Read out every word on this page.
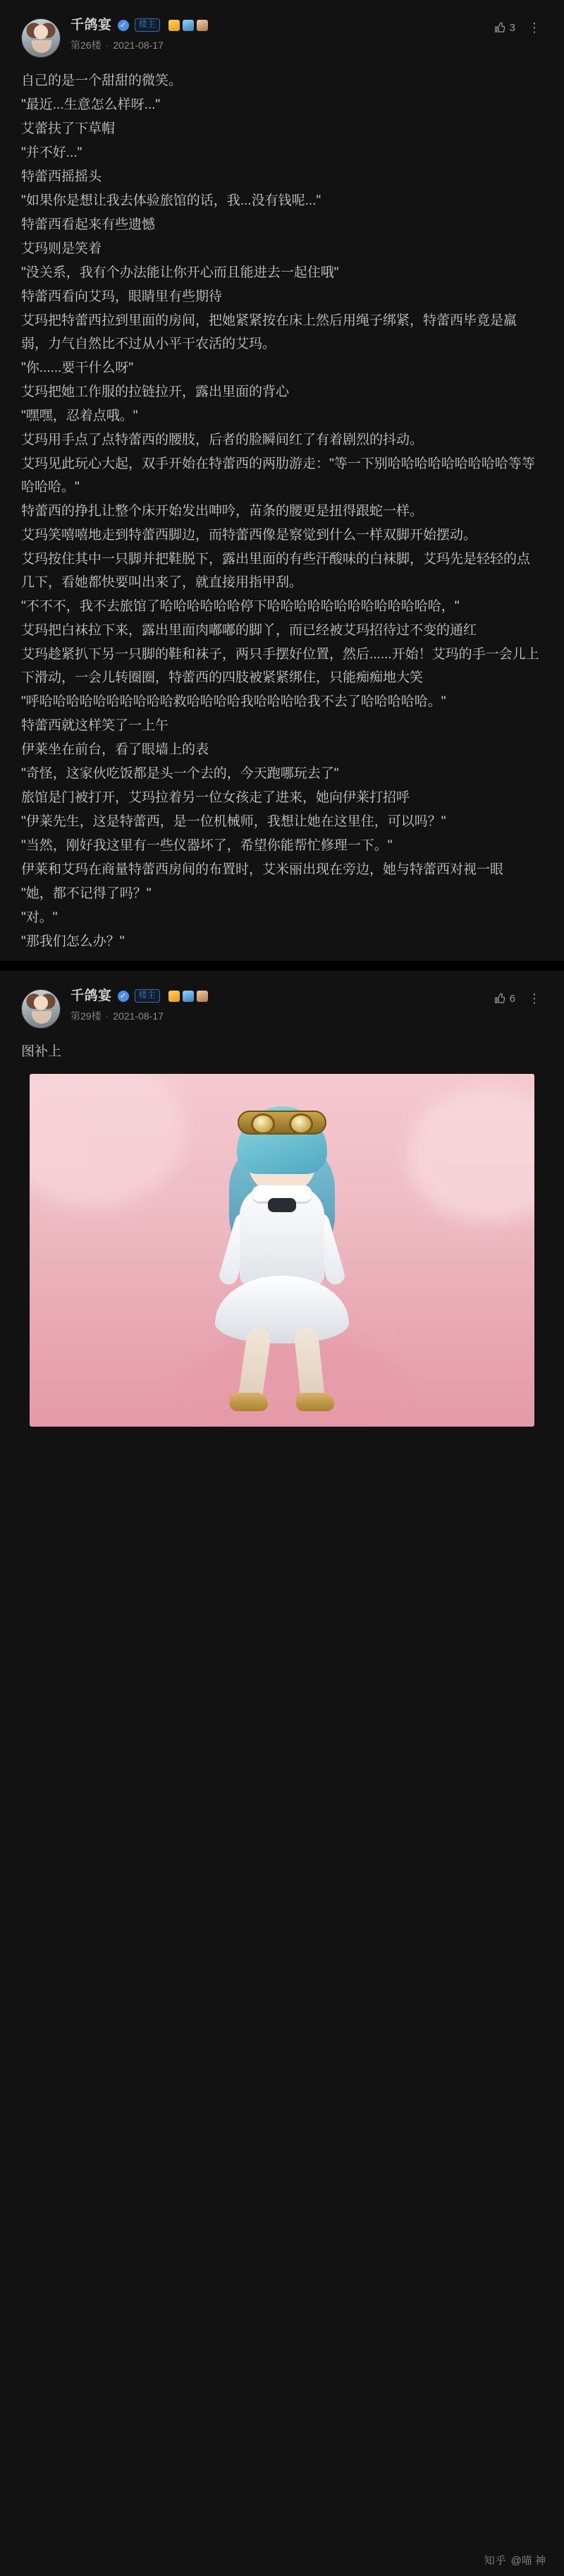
千鸽宴	✓	楼主
第26楼 · 2021-08-17
3 ⋮

自己的是一个甜甜的微笑。

"最近...生意怎么样呀..."

艾蕾扶了下草帽

"并不好..."

特蕾西摇摇头

"如果你是想让我去体验旅馆的话，我...没有钱呢..."

特蕾西看起来有些遗憾

艾玛则是笑着

"没关系，我有个办法能让你开心而且能进去一起住哦"

特蕾西看向艾玛，眼睛里有些期待

艾玛把特蕾西拉到里面的房间，把她紧紧按在床上然后用绳子绑紧，特蕾西毕竟是羸弱，力气自然比不过从小平干农活的艾玛。

"你......要干什么呀"

艾玛把她工作服的拉链拉开，露出里面的背心

"嘿嘿，忍着点哦。"

艾玛用手点了点特蕾西的腰肢，后者的脸瞬间红了有着剧烈的抖动。

艾玛见此玩心大起，双手开始在特蕾西的两肋游走："等一下别哈哈哈哈哈哈哈哈哈等等哈哈哈。"

特蕾西的挣扎让整个床开始发出呻吟，苗条的腰更是扭得跟蛇一样。

艾玛笑嘻嘻地走到特蕾西脚边，而特蕾西像是察觉到什么一样双脚开始摆动。

艾玛按住其中一只脚并把鞋脱下，露出里面的有些汗酸味的白袜脚，艾玛先是轻轻的点几下，看她都快要叫出来了，就直接用指甲刮。

"不不不，我不去旅馆了哈哈哈哈哈哈停下哈哈哈哈哈哈哈哈哈哈哈哈哈，"

艾玛把白袜拉下来，露出里面肉嘟嘟的脚丫，而已经被艾玛招待过不变的通红

艾玛趁紧扒下另一只脚的鞋和袜子，两只手摆好位置，然后......开始！艾玛的手一会儿上下滑动，一会儿转圈圈，特蕾西的四肢被紧紧绑住，只能痴痴地大笑

"呼哈哈哈哈哈哈哈哈哈哈救哈哈哈哈我哈哈哈哈我不去了哈哈哈哈哈。"

特蕾西就这样笑了一上午

伊莱坐在前台，看了眼墙上的表

"奇怪，这家伙吃饭都是头一个去的，今天跑哪玩去了"

旅馆是门被打开，艾玛拉着另一位女孩走了进来，她向伊莱打招呼

"伊莱先生，这是特蕾西，是一位机械师，我想让她在这里住，可以吗？"

"当然，刚好我这里有一些仪器坏了，希望你能帮忙修理一下。"

伊莱和艾玛在商量特蕾西房间的布置时，艾米丽出现在旁边，她与特蕾西对视一眼

"她，都不记得了吗？"

"对。"

"那我们怎么办？"

千鸽宴	✓	楼主
第29楼 · 2021-08-17
6 ⋮

图补上

知乎 @喵 神
